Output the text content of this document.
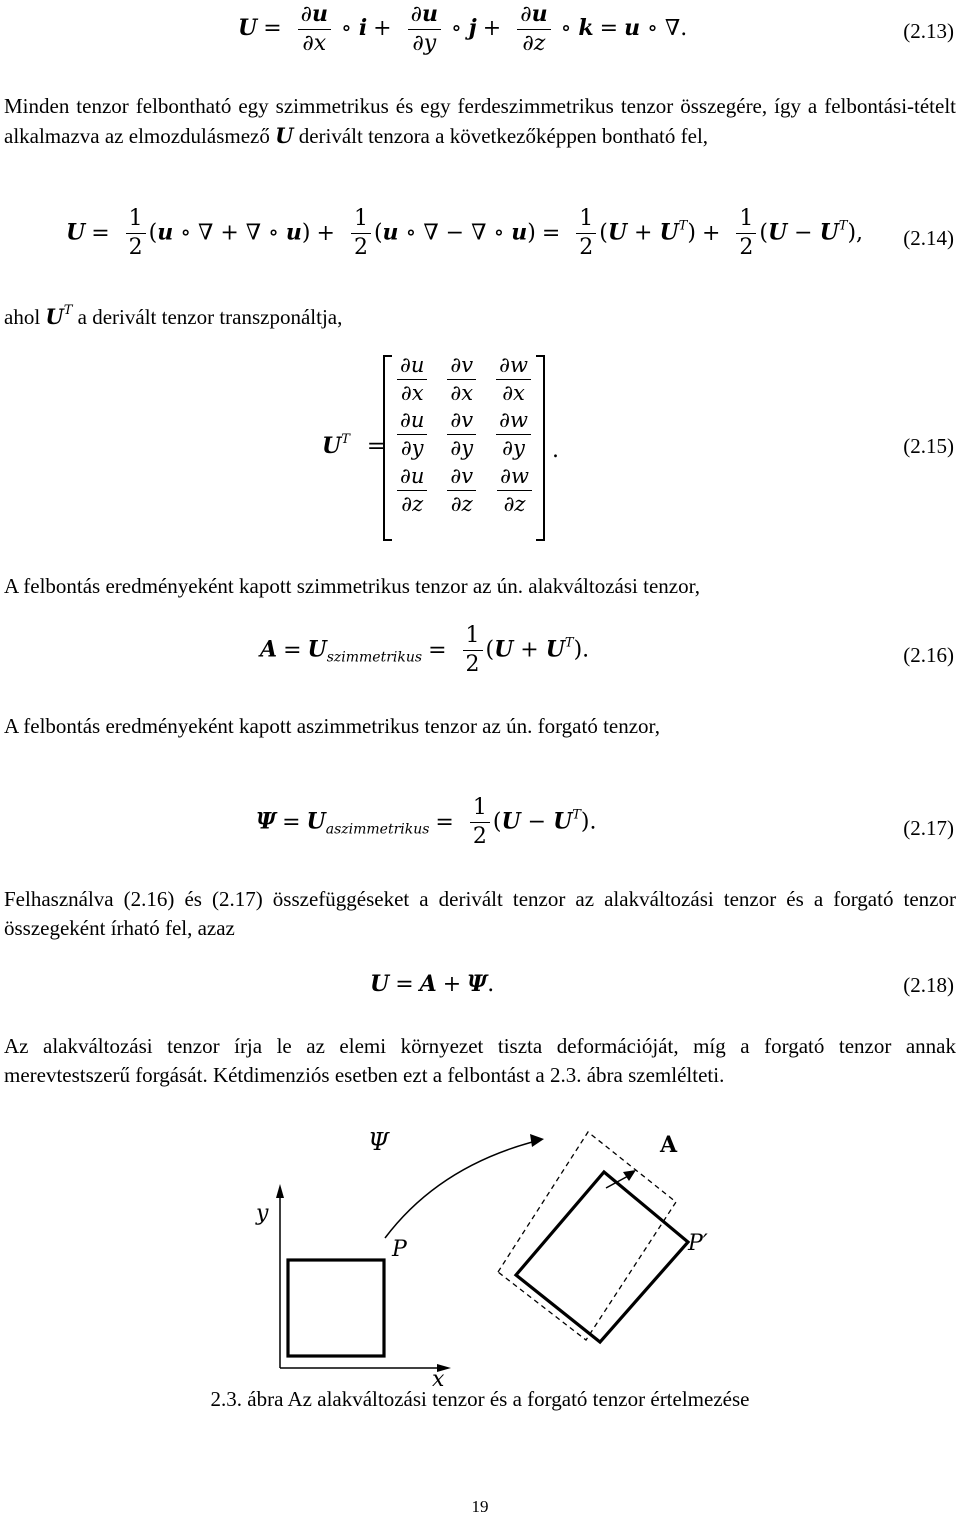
$U = \frac{\partial u}{\partial x}$ ∘ $i + \frac{\partial u}{\partial y}$ ∘ $j + \frac{\partial u}{\partial z}$ ∘ k = u ∘ ∇.	(2.13)
Minden tenzor felbontható egy szimmetrikus és egy ferdeszimmetrikus tenzor összegére, így a felbontási-tételt alkalmazva az elmozdulásmező U derivált tenzora a következőképpen bontható fel,
$U = \frac{1}{2} (u$ ∘ ∇ + ∇ ∘ $u) + \frac{1}{2} (u$ ∘ ∇ − ∇ ∘ $u) = \frac{1}{2} (U + U^T) + \frac{1}{2} (U - U^T)$, (2.14)
ahol $U^T$ a derivált tenzor transzponáltja,
$U^T$ =
$\frac{\partial u}{\partial x}$	$\frac{\partial v}{\partial x}$	$\frac{\partial w}{\partial x}$

$\frac{\partial u}{\partial y}$	$\frac{\partial v}{\partial y}$	$\frac{\partial w}{\partial y}$

$\frac{\partial u}{\partial z}$	$\frac{\partial v}{\partial z}$	$\frac{\partial w}{\partial z}$
.	(2.15)
A felbontás eredményeként kapott szimmetrikus tenzor az ún. alakváltozási tenzor,
$A = U_{szimmetrikus} = \frac{1}{2} (U + U^T)$.	(2.16)
A felbontás eredményeként kapott aszimmetrikus tenzor az ún. forgató tenzor,
$\Psi = U_{aszimmetrikus} = \frac{1}{2} (U - U^T)$.	(2.17)
Felhasználva (2.16) és (2.17) összefüggéseket a derivált tenzor az alakváltozási tenzor és a forgató tenzor összegeként írható fel, azaz
U = A + Ψ.	(2.18)
Az alakváltozási tenzor írja le az elemi környezet tiszta deformációját, míg a forgató tenzor annak merevtestszerű forgását. Kétdimenziós esetben ezt a felbontást a 2.3. ábra szemlélteti.
Ψ	A
y
x
P	P′
2.3. ábra Az alakváltozási tenzor és a forgató tenzor értelmezése
19
